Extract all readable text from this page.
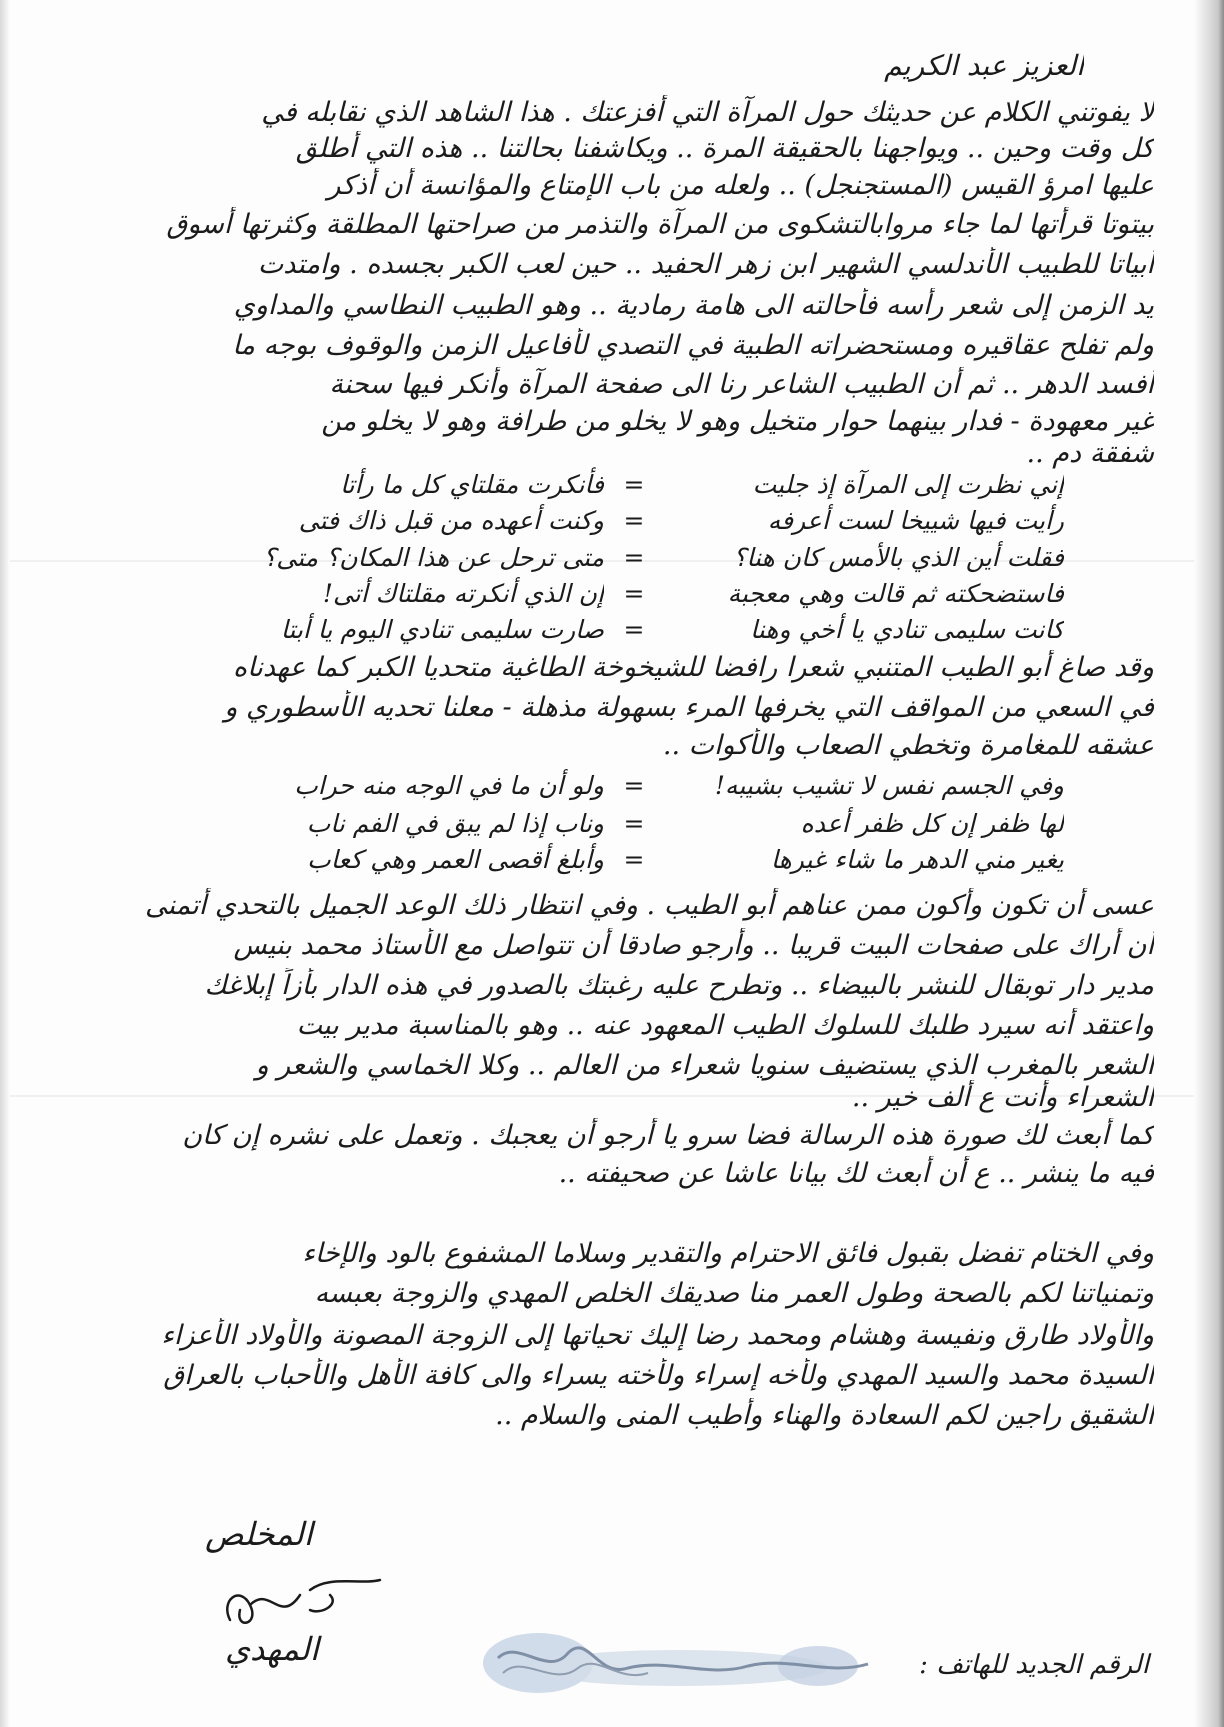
العزيز عبد الكريم
لا يفوتني الكلام عن حديثك حول المرآة التي أفزعتك . هذا الشاهد الذي نقابله في
كل وقت وحين .. ويواجهنا بالحقيقة المرة .. ويكاشفنا بحالتنا .. هذه التي أطلق
عليها امرؤ القيس (المستجنجل) .. ولعله من باب الإمتاع والمؤانسة أن أذكر
بيتوتا قرأتها لما جاء مروابالتشكوى من المرآة والتذمر من صراحتها المطلقة وكثرتها أسوق
أبياتا للطبيب الأندلسي الشهير ابن زهر الحفيد .. حين لعب الكبر بجسده . وامتدت
يد الزمن إلى شعر رأسه فأحالته الى هامة رمادية .. وهو الطبيب النطاسي والمداوي
ولم تفلح عقاقيره ومستحضراته الطبية في التصدي لأفاعيل الزمن والوقوف بوجه ما
أفسد الدهر .. ثم أن الطبيب الشاعر رنا الى صفحة المرآة وأنكر فيها سحنة
غير معهودة - فدار بينهما حوار متخيل وهو لا يخلو من طرافة وهو لا يخلو من
شفقة دم ..
إني نظرت إلى المرآة إذ جليت
=
فأنكرت مقلتاي كل ما رأتا
رأيت فيها شييخا لست أعرفه
=
وكنت أعهده من قبل ذاك فتى
فقلت أين الذي بالأمس كان هنا؟
=
متى ترحل عن هذا المكان؟ متى؟
فاستضحكته ثم قالت وهي معجبة
=
إن الذي أنكرته مقلتاك أتى!
كانت سليمى تنادي يا أخي وهنا
=
صارت سليمى تنادي اليوم يا أبتا
وقد صاغ أبو الطيب المتنبي شعرا رافضا للشيخوخة الطاغية متحديا الكبر كما عهدناه
في السعي من المواقف التي يخرفها المرء بسهولة مذهلة - معلنا تحديه الأسطوري و
عشقه للمغامرة وتخطي الصعاب والأكوات ..
وفي الجسم نفس لا تشيب بشيبه!
=
ولو أن ما في الوجه منه حراب
لها ظفر إن كل ظفر أعده
=
وناب إذا لم يبق في الفم ناب
يغير مني الدهر ما شاء غيرها
=
وأبلغ أقصى العمر وهي كعاب
عسى أن تكون وأكون ممن عناهم أبو الطيب . وفي انتظار ذلك الوعد الجميل بالتحدي أتمنى
أن أراك على صفحات البيت قريبا .. وأرجو صادقا أن تتواصل مع الأستاذ محمد بنيس
مدير دار توبقال للنشر بالبيضاء .. وتطرح عليه رغبتك بالصدور في هذه الدار بأزاً إبلاغك
واعتقد أنه سيرد طلبك للسلوك الطيب المعهود عنه .. وهو بالمناسبة مدير بيت
الشعر بالمغرب الذي يستضيف سنويا شعراء من العالم .. وكلا الخماسي والشعر و
الشعراء وأنت ع ألف خير ..
كما أبعث لك صورة هذه الرسالة فضا سرو يا أرجو أن يعجبك . وتعمل على نشره إن كان
فيه ما ينشر .. ع أن أبعث لك بيانا عاشا عن صحيفته ..
وفي الختام تفضل بقبول فائق الاحترام والتقدير وسلاما المشفوع بالود والإخاء
وتمنياتنا لكم بالصحة وطول العمر منا صديقك الخلص المهدي والزوجة بعبسه
والأولاد طارق ونفيسة وهشام ومحمد رضا إليك تحياتها إلى الزوجة المصونة والأولاد الأعزاء
السيدة محمد والسيد المهدي ولأخه إسراء ولأخته يسراء والى كافة الأهل والأحباب بالعراق
الشقيق راجين لكم السعادة والهناء وأطيب المنى والسلام ..
المخلص
المهدي	الرقم الجديد للهاتف :
